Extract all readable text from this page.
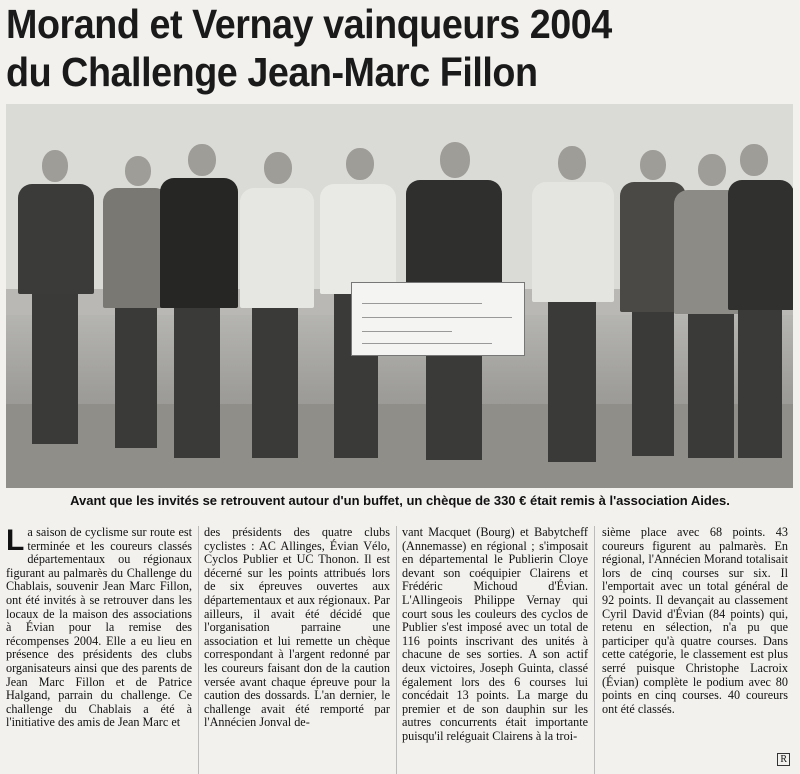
Morand et Vernay vainqueurs 2004
du Challenge Jean-Marc Fillon
Avant que les invités se retrouvent autour d'un buffet, un chèque de 330 € était remis à l'association Aides.
L a saison de cyclisme sur route est terminée et les coureurs classés départementaux ou régionaux figurant au palmarès du Challenge du Chablais, souvenir Jean Marc Fillon, ont été invités à se retrouver dans les locaux de la maison des associations à Évian pour la remise des récompenses 2004. Elle a eu lieu en présence des présidents des clubs organisateurs ainsi que des parents de Jean Marc Fillon et de Patrice Halgand, parrain du challenge. Ce challenge du Chablais a été à l'initiative des amis de Jean Marc et

des présidents des quatre clubs cyclistes : AC Allinges, Évian Vélo, Cyclos Publier et UC Thonon. Il est décerné sur les points attribués lors de six épreuves ouvertes aux départementaux et aux régionaux. Par ailleurs, il avait été décidé que l'organisation parraine une association et lui remette un chèque correspondant à l'argent redonné par les coureurs faisant don de la caution versée avant chaque épreuve pour la caution des dossards. L'an dernier, le challenge avait été remporté par l'Annécien Jonval de-

vant Macquet (Bourg) et Babytcheff (Annemasse) en régional ; s'imposait en départemental le Publierin Cloye devant son coéquipier Clairens et Frédéric Michoud d'Évian. L'Allingeois Philippe Vernay qui court sous les couleurs des cyclos de Publier s'est imposé avec un total de 116 points inscrivant des unités à chacune de ses sorties. A son actif deux victoires, Joseph Guinta, classé également lors des 6 courses lui concédait 13 points. La marge du premier et de son dauphin sur les autres concurrents était importante puisqu'il reléguait Clairens à la troi-

sième place avec 68 points. 43 coureurs figurent au palmarès. En régional, l'Annécien Morand totalisait lors de cinq courses sur six. Il l'emportait avec un total général de 92 points. Il devançait au classement Cyril David d'Évian (84 points) qui, retenu en sélection, n'a pu que participer qu'à quatre courses. Dans cette catégorie, le classement est plus serré puisque Christophe Lacroix (Évian) complète le podium avec 80 points en cinq courses. 40 coureurs ont été classés.

R
